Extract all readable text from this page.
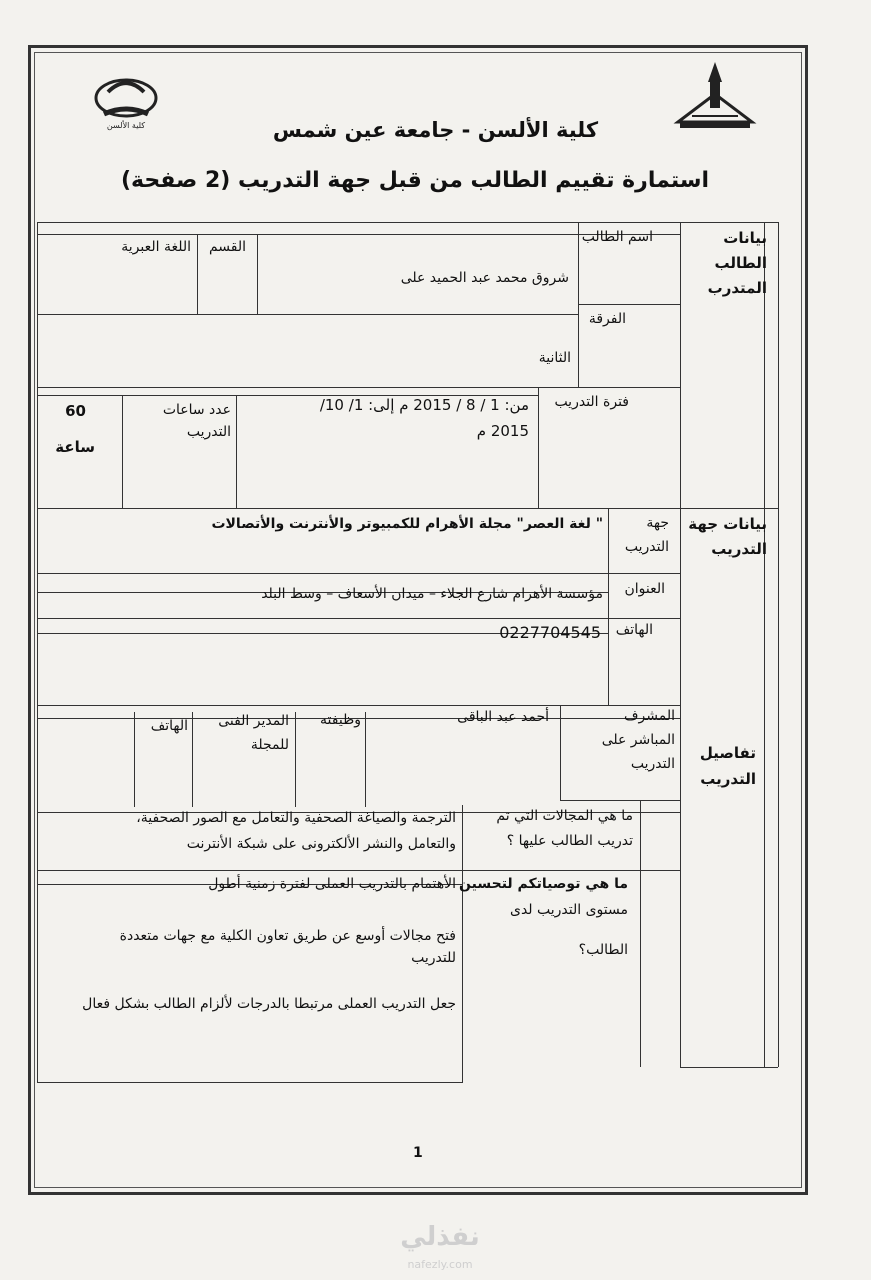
كلية الألسن	كلية الألسن - جامعة عين شمس
استمارة تقييم الطالب من قبل جهة التدريب (2 صفحة)
بيانات الطالب المتدرب
بيانات جهة التدريب
تفاصيل التدريب
اسم الطالب
شروق محمد عبد الحميد على
القسم
اللغة العبرية
الفرقة
الثانية
فترة التدريب
من: 1 / 8 / 2015 م إلى: 1/ 10/
2015 م
عدد ساعات التدريب
60
ساعة
جهة التدريب
" لغة العصر" مجلة الأهرام للكمبيوتر والأنترنت والأتصالات
العنوان
مؤسسة الأهرام شارع الجلاء – ميدان الأسعاف – وسط البلد
الهاتف
0227704545
المشرف المباشر على التدريب
أحمد عبد الباقى
وظيفته
المدير الفنى للمجلة
الهاتف
ما هي المجالات التي تم تدريب الطالب عليها ؟
الترجمة والصياغة الصحفية والتعامل مع الصور الصحفية،
والتعامل والنشر الألكترونى على شبكة الأنترنت
ما هي توصياتكم لتحسين
مستوى التدريب لدى
الطالب؟
الأهتمام بالتدريب العملى لفترة زمنية أطول
فتح مجالات أوسع عن طريق تعاون الكلية مع جهات متعددة
للتدريب
جعل التدريب العملى مرتبطا بالدرجات لألزام الطالب بشكل فعال
1
نفذلي
nafezly.com
